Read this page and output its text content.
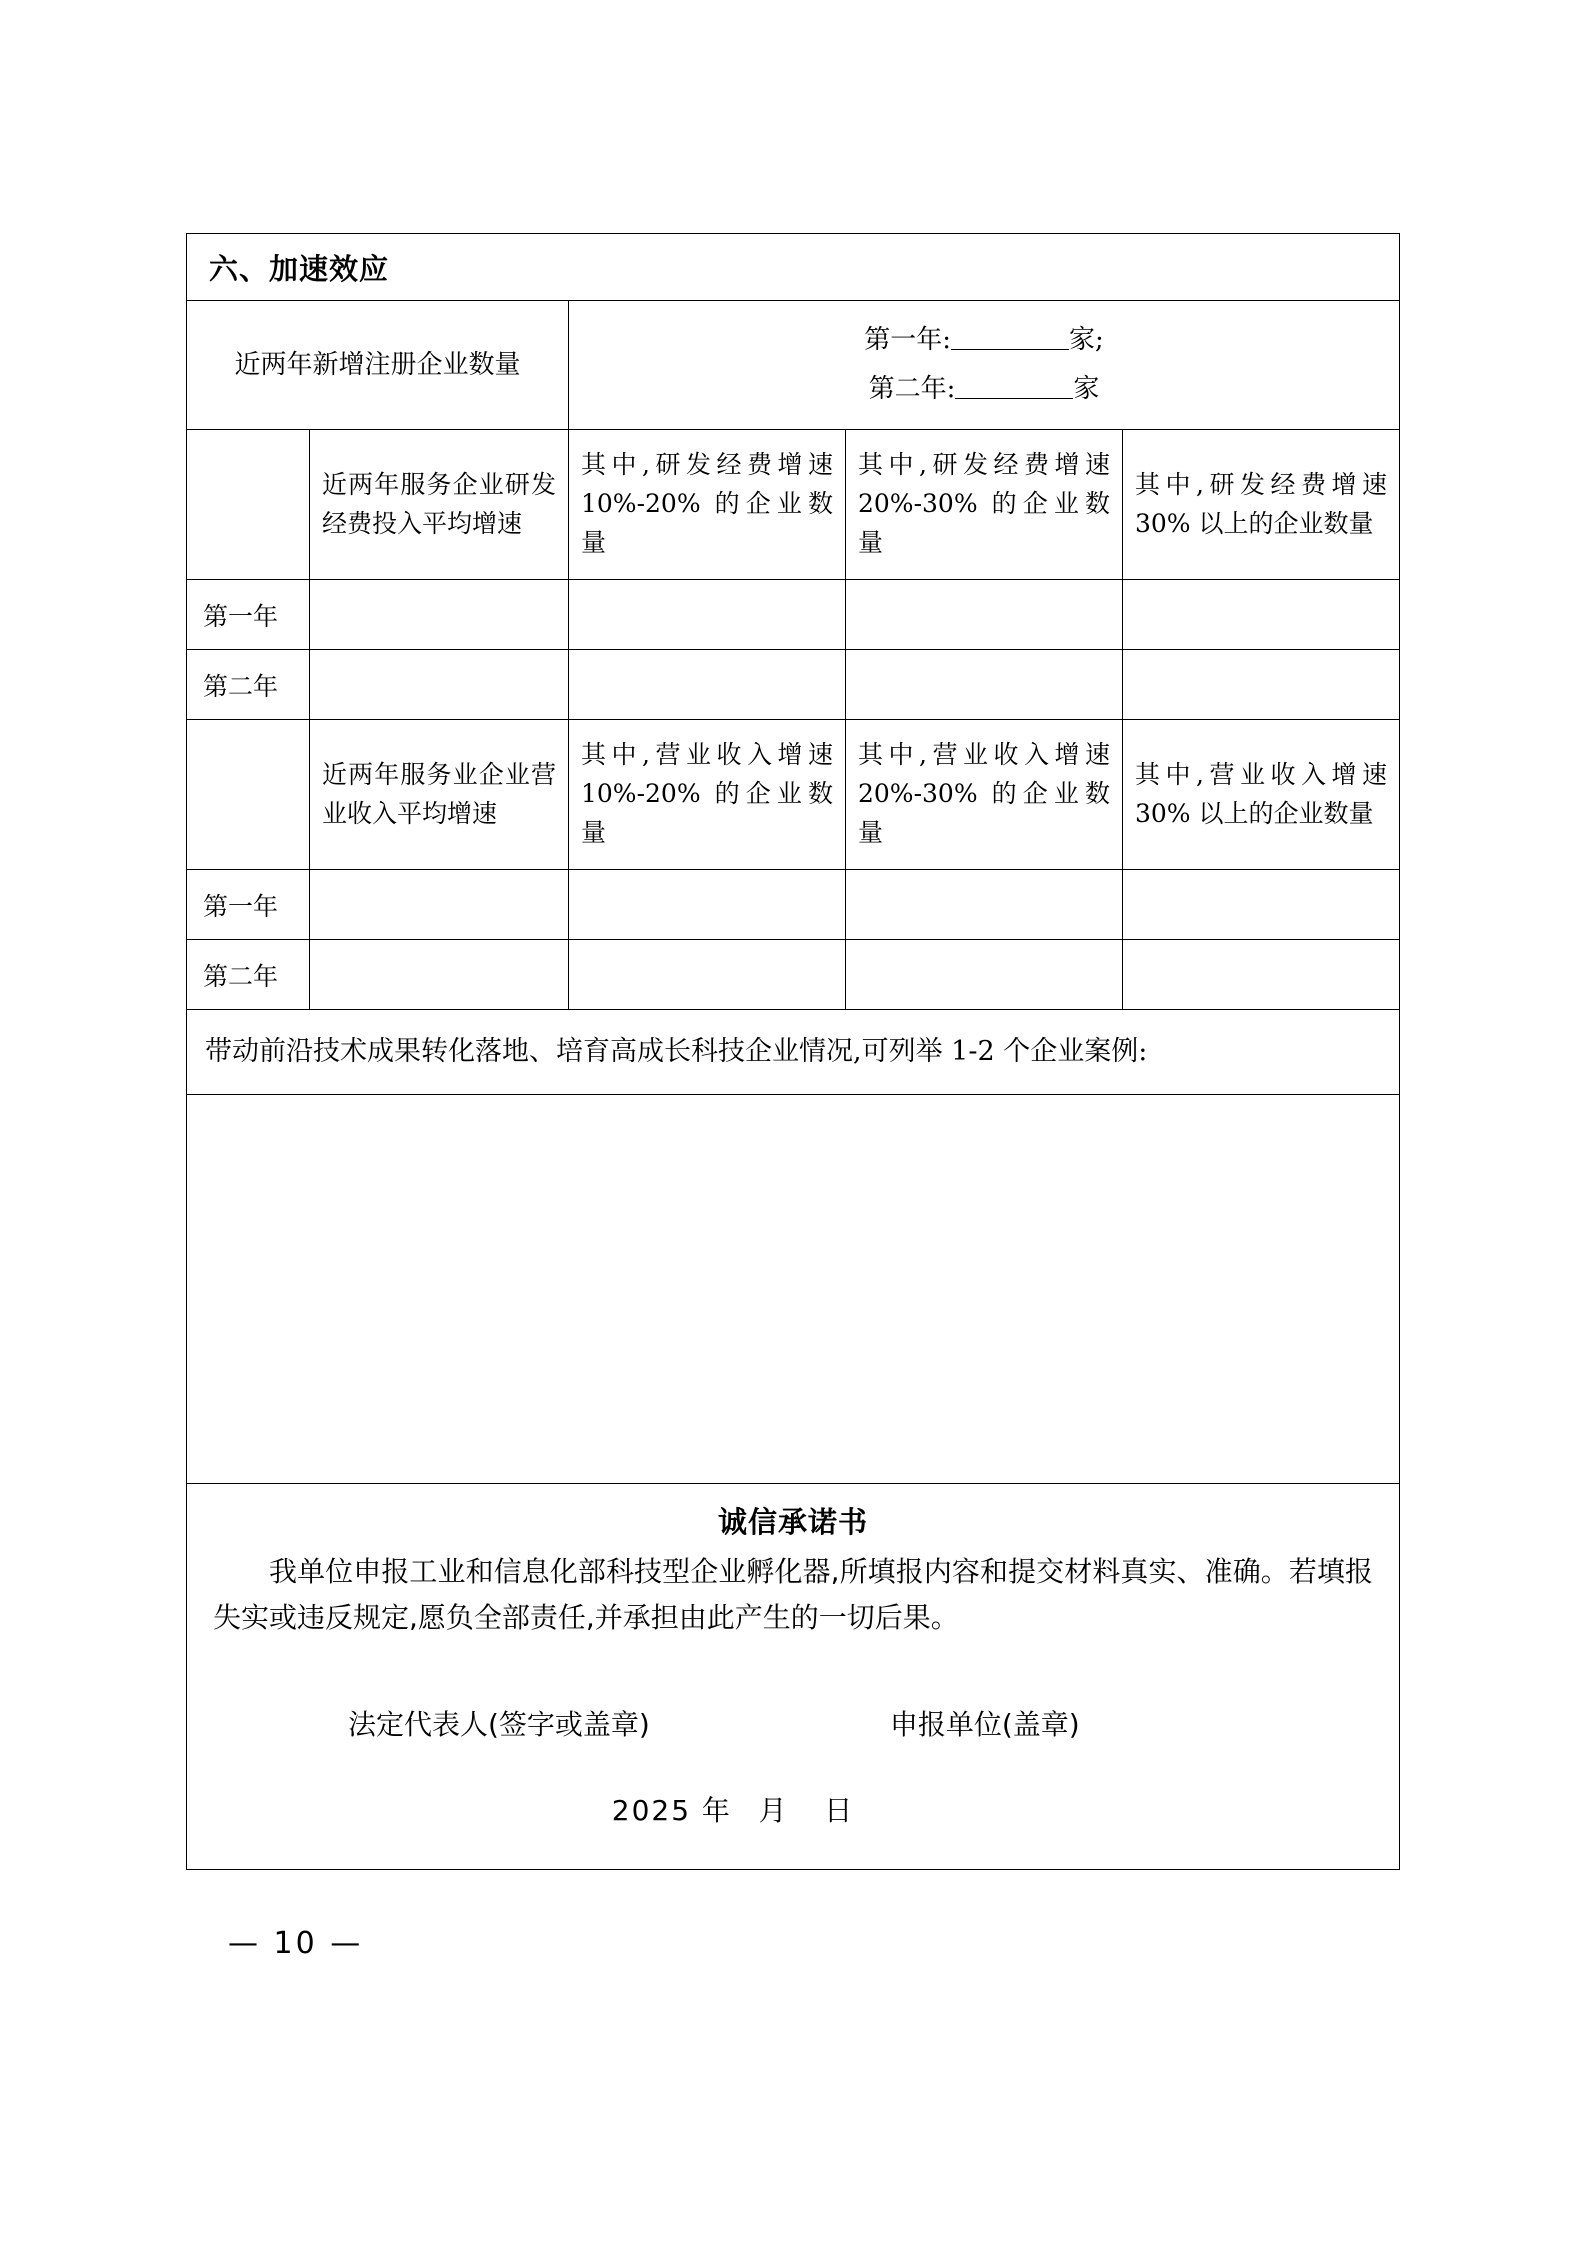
六、加速效应				
近两年新增注册企业数量		第一年: 家;
第二年: 家		
	近两年服务企业研发经费投入平均增速	其中,研发经费增速 10%-20% 的企业数量	其中,研发经费增速 20%-30% 的企业数量	其中,研发经费增速 30% 以上的企业数量
第一年				
第二年				
	近两年服务业企业营业收入平均增速	其中,营业收入增速 10%-20% 的企业数量	其中,营业收入增速 20%-30% 的企业数量	其中,营业收入增速 30% 以上的企业数量
第一年				
第二年				
带动前沿技术成果转化落地、培育高成长科技企业情况,可列举 1-2 个企业案例:				

诚信承诺书
我单位申报工业和信息化部科技型企业孵化器,所填报内容和提交材料真实、准确。若填报失实或违反规定,愿负全部责任,并承担由此产生的一切后果。
法定代表人(签字或盖章) 申报单位(盖章)
2025 年 月 日				
— 10 —
